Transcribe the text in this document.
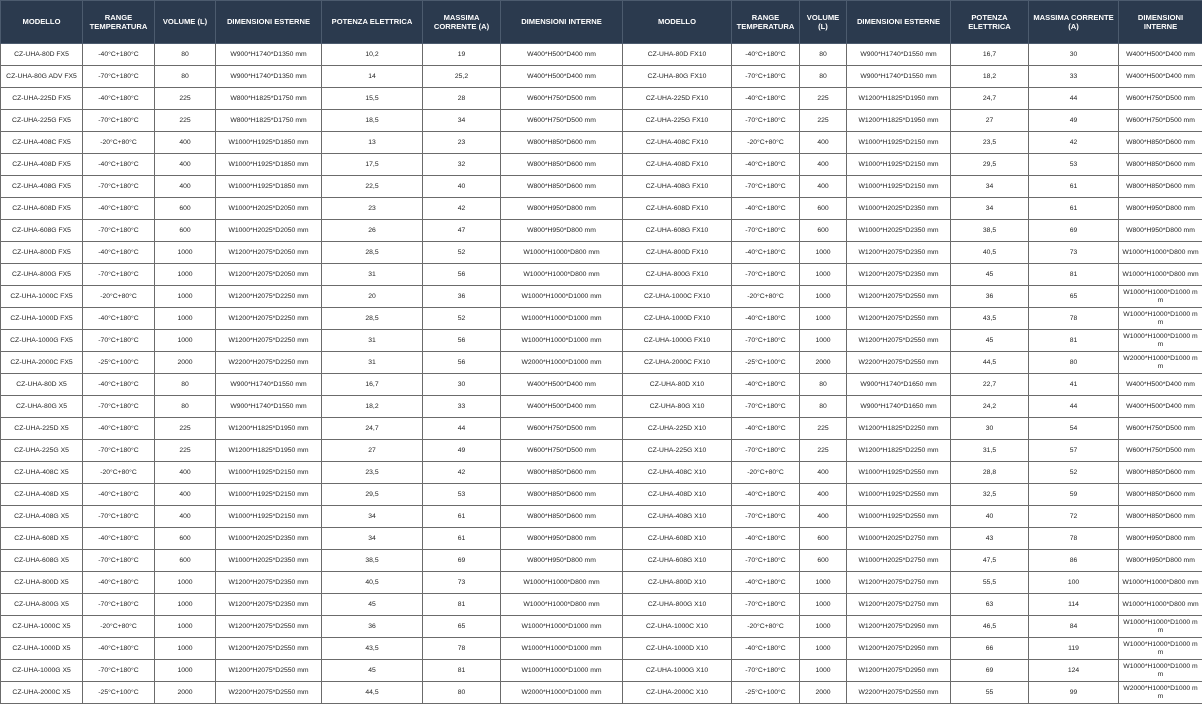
MODELLO	RANGE TEMPERATURA	VOLUME (L)	DIMENSIONI ESTERNE	POTENZA ELETTRICA	MASSIMA CORRENTE (A)	DIMENSIONI INTERNE	MODELLO	RANGE TEMPERATURA	VOLUME (L)	DIMENSIONI ESTERNE	POTENZA ELETTRICA	MASSIMA CORRENTE (A)	DIMENSIONI INTERNE
CZ-UHA-80D FX5	-40°C+180°C	80	W900*H1740*D1350 mm	10,2	19	W400*H500*D400 mm	CZ-UHA-80D FX10	-40°C+180°C	80	W900*H1740*D1550 mm	16,7	30	W400*H500*D400 mm
CZ-UHA-80G ADV FX5	-70°C+180°C	80	W900*H1740*D1350 mm	14	25,2	W400*H500*D400 mm	CZ-UHA-80G FX10	-70°C+180°C	80	W900*H1740*D1550 mm	18,2	33	W400*H500*D400 mm
CZ-UHA-225D FX5	-40°C+180°C	225	W800*H1825*D1750 mm	15,5	28	W600*H750*D500 mm	CZ-UHA-225D FX10	-40°C+180°C	225	W1200*H1825*D1950 mm	24,7	44	W600*H750*D500 mm
CZ-UHA-225G FX5	-70°C+180°C	225	W800*H1825*D1750 mm	18,5	34	W600*H750*D500 mm	CZ-UHA-225G FX10	-70°C+180°C	225	W1200*H1825*D1950 mm	27	49	W600*H750*D500 mm
CZ-UHA-408C FX5	-20°C+80°C	400	W1000*H1925*D1850 mm	13	23	W800*H850*D600 mm	CZ-UHA-408C FX10	-20°C+80°C	400	W1000*H1925*D2150 mm	23,5	42	W800*H850*D600 mm
CZ-UHA-408D FX5	-40°C+180°C	400	W1000*H1925*D1850 mm	17,5	32	W800*H850*D600 mm	CZ-UHA-408D FX10	-40°C+180°C	400	W1000*H1925*D2150 mm	29,5	53	W800*H850*D600 mm
CZ-UHA-408G FX5	-70°C+180°C	400	W1000*H1925*D1850 mm	22,5	40	W800*H850*D600 mm	CZ-UHA-408G FX10	-70°C+180°C	400	W1000*H1925*D2150 mm	34	61	W800*H850*D600 mm
CZ-UHA-608D FX5	-40°C+180°C	600	W1000*H2025*D2050 mm	23	42	W800*H950*D800 mm	CZ-UHA-608D FX10	-40°C+180°C	600	W1000*H2025*D2350 mm	34	61	W800*H950*D800 mm
CZ-UHA-608G FX5	-70°C+180°C	600	W1000*H2025*D2050 mm	26	47	W800*H950*D800 mm	CZ-UHA-608G FX10	-70°C+180°C	600	W1000*H2025*D2350 mm	38,5	69	W800*H950*D800 mm
CZ-UHA-800D FX5	-40°C+180°C	1000	W1200*H2075*D2050 mm	28,5	52	W1000*H1000*D800 mm	CZ-UHA-800D FX10	-40°C+180°C	1000	W1200*H2075*D2350 mm	40,5	73	W1000*H1000*D800 mm
CZ-UHA-800G FX5	-70°C+180°C	1000	W1200*H2075*D2050 mm	31	56	W1000*H1000*D800 mm	CZ-UHA-800G FX10	-70°C+180°C	1000	W1200*H2075*D2350 mm	45	81	W1000*H1000*D800 mm
CZ-UHA-1000C FX5	-20°C+80°C	1000	W1200*H2075*D2250 mm	20	36	W1000*H1000*D1000 mm	CZ-UHA-1000C FX10	-20°C+80°C	1000	W1200*H2075*D2550 mm	36	65	W1000*H1000*D1000 mm
CZ-UHA-1000D FX5	-40°C+180°C	1000	W1200*H2075*D2250 mm	28,5	52	W1000*H1000*D1000 mm	CZ-UHA-1000D FX10	-40°C+180°C	1000	W1200*H2075*D2550 mm	43,5	78	W1000*H1000*D1000 mm
CZ-UHA-1000G FX5	-70°C+180°C	1000	W1200*H2075*D2250 mm	31	56	W1000*H1000*D1000 mm	CZ-UHA-1000G FX10	-70°C+180°C	1000	W1200*H2075*D2550 mm	45	81	W1000*H1000*D1000 mm
CZ-UHA-2000C FX5	-25°C+100°C	2000	W2200*H2075*D2250 mm	31	56	W2000*H1000*D1000 mm	CZ-UHA-2000C FX10	-25°C+100°C	2000	W2200*H2075*D2550 mm	44,5	80	W2000*H1000*D1000 mm
CZ-UHA-80D X5	-40°C+180°C	80	W900*H1740*D1550 mm	16,7	30	W400*H500*D400 mm	CZ-UHA-80D X10	-40°C+180°C	80	W900*H1740*D1650 mm	22,7	41	W400*H500*D400 mm
CZ-UHA-80G X5	-70°C+180°C	80	W900*H1740*D1550 mm	18,2	33	W400*H500*D400 mm	CZ-UHA-80G X10	-70°C+180°C	80	W900*H1740*D1650 mm	24,2	44	W400*H500*D400 mm
CZ-UHA-225D X5	-40°C+180°C	225	W1200*H1825*D1950 mm	24,7	44	W600*H750*D500 mm	CZ-UHA-225D X10	-40°C+180°C	225	W1200*H1825*D2250 mm	30	54	W600*H750*D500 mm
CZ-UHA-225G X5	-70°C+180°C	225	W1200*H1825*D1950 mm	27	49	W600*H750*D500 mm	CZ-UHA-225G X10	-70°C+180°C	225	W1200*H1825*D2250 mm	31,5	57	W600*H750*D500 mm
CZ-UHA-408C X5	-20°C+80°C	400	W1000*H1925*D2150 mm	23,5	42	W800*H850*D600 mm	CZ-UHA-408C X10	-20°C+80°C	400	W1000*H1925*D2550 mm	28,8	52	W800*H850*D600 mm
CZ-UHA-408D X5	-40°C+180°C	400	W1000*H1925*D2150 mm	29,5	53	W800*H850*D600 mm	CZ-UHA-408D X10	-40°C+180°C	400	W1000*H1925*D2550 mm	32,5	59	W800*H850*D600 mm
CZ-UHA-408G X5	-70°C+180°C	400	W1000*H1925*D2150 mm	34	61	W800*H850*D600 mm	CZ-UHA-408G X10	-70°C+180°C	400	W1000*H1925*D2550 mm	40	72	W800*H850*D600 mm
CZ-UHA-608D X5	-40°C+180°C	600	W1000*H2025*D2350 mm	34	61	W800*H950*D800 mm	CZ-UHA-608D X10	-40°C+180°C	600	W1000*H2025*D2750 mm	43	78	W800*H950*D800 mm
CZ-UHA-608G X5	-70°C+180°C	600	W1000*H2025*D2350 mm	38,5	69	W800*H950*D800 mm	CZ-UHA-608G X10	-70°C+180°C	600	W1000*H2025*D2750 mm	47,5	86	W800*H950*D800 mm
CZ-UHA-800D X5	-40°C+180°C	1000	W1200*H2075*D2350 mm	40,5	73	W1000*H1000*D800 mm	CZ-UHA-800D X10	-40°C+180°C	1000	W1200*H2075*D2750 mm	55,5	100	W1000*H1000*D800 mm
CZ-UHA-800G X5	-70°C+180°C	1000	W1200*H2075*D2350 mm	45	81	W1000*H1000*D800 mm	CZ-UHA-800G X10	-70°C+180°C	1000	W1200*H2075*D2750 mm	63	114	W1000*H1000*D800 mm
CZ-UHA-1000C X5	-20°C+80°C	1000	W1200*H2075*D2550 mm	36	65	W1000*H1000*D1000 mm	CZ-UHA-1000C X10	-20°C+80°C	1000	W1200*H2075*D2950 mm	46,5	84	W1000*H1000*D1000 mm
CZ-UHA-1000D X5	-40°C+180°C	1000	W1200*H2075*D2550 mm	43,5	78	W1000*H1000*D1000 mm	CZ-UHA-1000D X10	-40°C+180°C	1000	W1200*H2075*D2950 mm	66	119	W1000*H1000*D1000 mm
CZ-UHA-1000G X5	-70°C+180°C	1000	W1200*H2075*D2550 mm	45	81	W1000*H1000*D1000 mm	CZ-UHA-1000G X10	-70°C+180°C	1000	W1200*H2075*D2950 mm	69	124	W1000*H1000*D1000 mm
CZ-UHA-2000C X5	-25°C+100°C	2000	W2200*H2075*D2550 mm	44,5	80	W2000*H1000*D1000 mm	CZ-UHA-2000C X10	-25°C+100°C	2000	W2200*H2075*D2550 mm	55	99	W2000*H1000*D1000 mm
